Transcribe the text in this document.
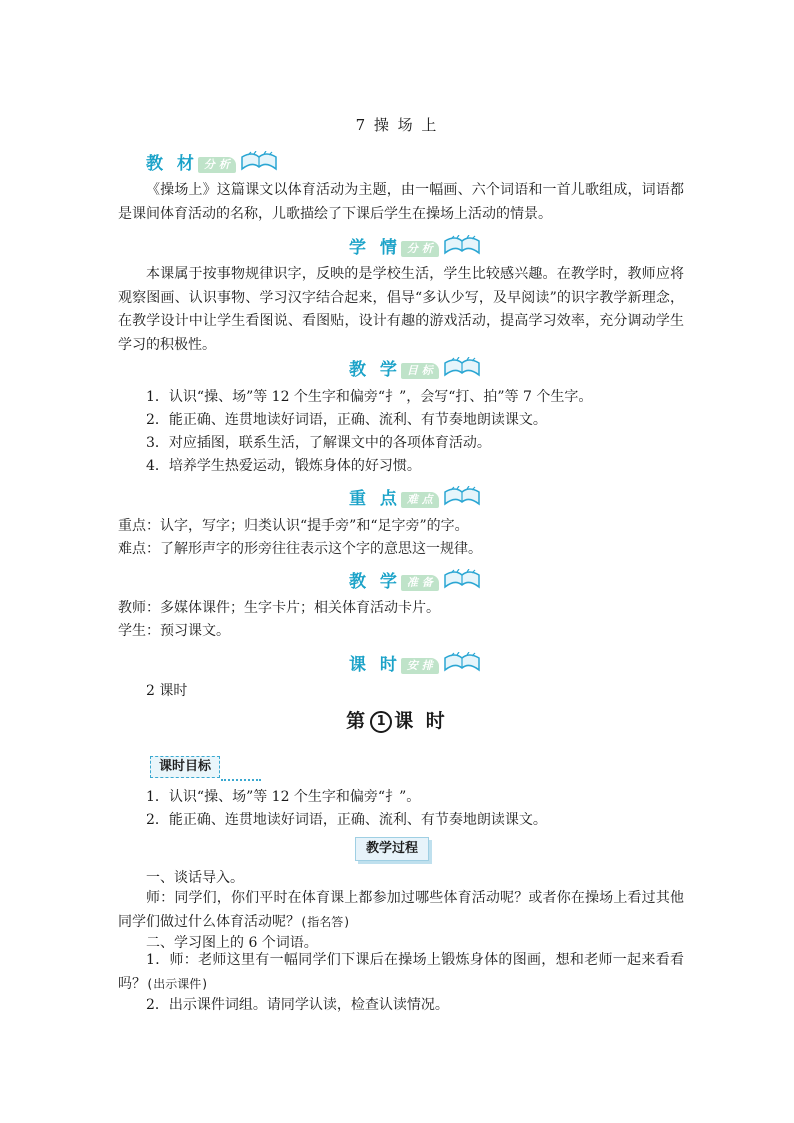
7 操 场 上
教 材 分 析
《操场上》这篇课文以体育活动为主题，由一幅画、六个词语和一首儿歌组成，词语都是课间体育活动的名称，儿歌描绘了下课后学生在操场上活动的情景。
学 情 分 析
本课属于按事物规律识字，反映的是学校生活，学生比较感兴趣。在教学时，教师应将观察图画、认识事物、学习汉字结合起来，倡导“多认少写，及早阅读”的识字教学新理念，在教学设计中让学生看图说、看图贴，设计有趣的游戏活动，提高学习效率，充分调动学生学习的积极性。
教 学 目 标
1．认识“操、场”等 12 个生字和偏旁“扌”，会写“打、拍”等 7 个生字。
2．能正确、连贯地读好词语，正确、流利、有节奏地朗读课文。
3．对应插图，联系生活，了解课文中的各项体育活动。
4．培养学生热爱运动，锻炼身体的好习惯。
重 点 难 点
重点：认字，写字；归类认识“提手旁”和“足字旁”的字。
难点：了解形声字的形旁往往表示这个字的意思这一规律。
教 学 准 备
教师：多媒体课件；生字卡片；相关体育活动卡片。
学生：预习课文。
课 时 安 排
2 课时
第 1 课 时
课时目标
1．认识“操、场”等 12 个生字和偏旁“扌”。
2．能正确、连贯地读好词语，正确、流利、有节奏地朗读课文。
教学过程
一、谈话导入。
师：同学们，你们平时在体育课上都参加过哪些体育活动呢？或者你在操场上看过其他同学们做过什么体育活动呢？(指名答)
二、学习图上的 6 个词语。
1．师：老师这里有一幅同学们下课后在操场上锻炼身体的图画，想和老师一起来看看吗？(出示课件)
2．出示课件词组。请同学认读，检查认读情况。
